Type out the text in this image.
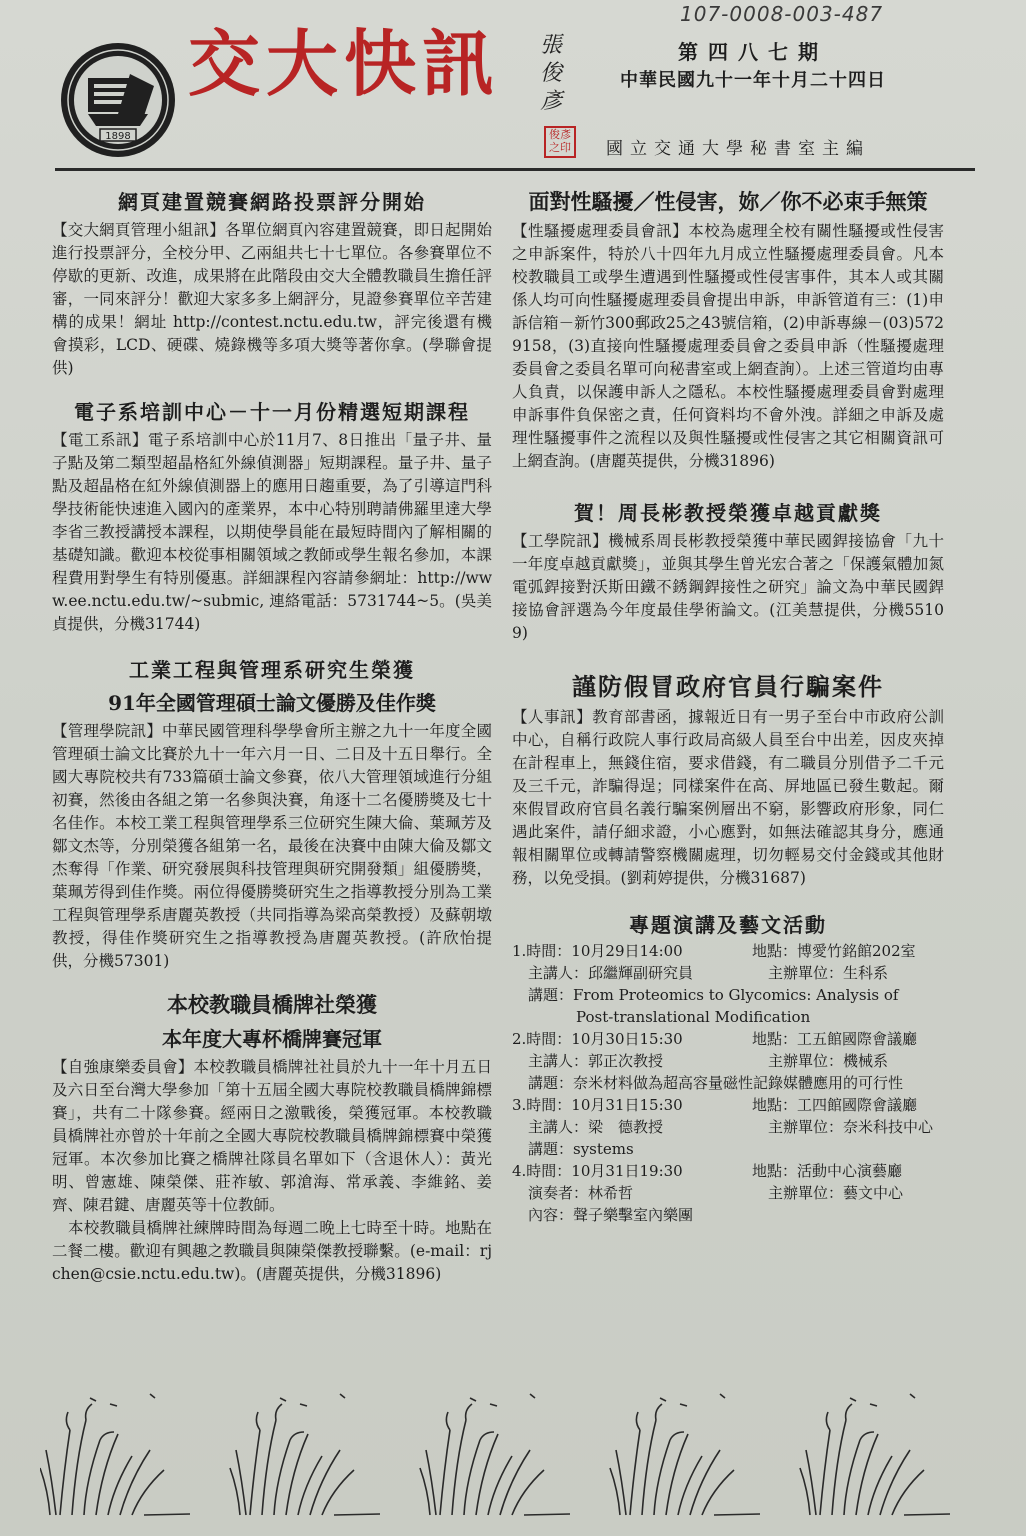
107-0008-003-487
1898
交大快訊 張俊彥
俊彥之印
第四八七期
中華民國九十一年十月二十四日
國立交通大學秘書室主編
網頁建置競賽網路投票評分開始
【交大網頁管理小組訊】各單位網頁內容建置競賽，即日起開始進行投票評分，全校分甲、乙兩組共七十七單位。各參賽單位不停歇的更新、改進，成果將在此階段由交大全體教職員生擔任評審，一同來評分！歡迎大家多多上網評分，見證參賽單位辛苦建構的成果！網址 http://contest.nctu.edu.tw，評完後還有機會摸彩，LCD、硬碟、燒錄機等多項大獎等著你拿。(學聯會提供)
電子系培訓中心－十一月份精選短期課程
【電工系訊】電子系培訓中心於11月7、8日推出「量子井、量子點及第二類型超晶格紅外線偵測器」短期課程。量子井、量子點及超晶格在紅外線偵測器上的應用日趨重要，為了引導這門科學技術能快速進入國內的產業界，本中心特別聘請佛羅里達大學李省三教授講授本課程，以期使學員能在最短時間內了解相關的基礎知識。歡迎本校從事相關領域之教師或學生報名參加，本課程費用對學生有特別優惠。詳細課程內容請參網址：http://www.ee.nctu.edu.tw/~submic, 連絡電話：5731744~5。(吳美貞提供，分機31744)
工業工程與管理系研究生榮獲
91年全國管理碩士論文優勝及佳作獎
【管理學院訊】中華民國管理科學學會所主辦之九十一年度全國管理碩士論文比賽於九十一年六月一日、二日及十五日舉行。全國大專院校共有733篇碩士論文參賽，依八大管理領域進行分組初賽，然後由各組之第一名參與決賽，角逐十二名優勝獎及七十名佳作。本校工業工程與管理學系三位研究生陳大倫、葉珮芳及鄒文杰等，分別榮獲各組第一名，最後在決賽中由陳大倫及鄒文杰奪得「作業、研究發展與科技管理與研究開發類」組優勝獎，葉珮芳得到佳作獎。兩位得優勝獎研究生之指導教授分別為工業工程與管理學系唐麗英教授（共同指導為梁高榮教授）及蘇朝墩教授，得佳作獎研究生之指導教授為唐麗英教授。(許欣怡提供，分機57301)
本校教職員橋牌社榮獲
本年度大專杯橋牌賽冠軍
【自強康樂委員會】本校教職員橋牌社社員於九十一年十月五日及六日至台灣大學參加「第十五屆全國大專院校教職員橋牌錦標賽」，共有二十隊參賽。經兩日之激戰後，榮獲冠軍。本校教職員橋牌社亦曾於十年前之全國大專院校教職員橋牌錦標賽中榮獲冠軍。本次參加比賽之橋牌社隊員名單如下（含退休人）：黃光明、曾憲雄、陳榮傑、莊祚敏、郭滄海、常承義、李維銘、姜齊、陳君鍵、唐麗英等十位教師。
本校教職員橋牌社練牌時間為每週二晚上七時至十時。地點在二餐二樓。歡迎有興趣之教職員與陳榮傑教授聯繫。(e-mail：rjchen@csie.nctu.edu.tw)。(唐麗英提供，分機31896)
面對性騷擾／性侵害，妳／你不必束手無策
【性騷擾處理委員會訊】本校為處理全校有關性騷擾或性侵害之申訴案件，特於八十四年九月成立性騷擾處理委員會。凡本校教職員工或學生遭遇到性騷擾或性侵害事件，其本人或其關係人均可向性騷擾處理委員會提出申訴，申訴管道有三：(1)申訴信箱－新竹300郵政25之43號信箱，(2)申訴專線－(03)5729158，(3)直接向性騷擾處理委員會之委員申訴（性騷擾處理委員會之委員名單可向秘書室或上網查詢）。上述三管道均由專人負責，以保護申訴人之隱私。本校性騷擾處理委員會對處理申訴事件負保密之責，任何資料均不會外洩。詳細之申訴及處理性騷擾事件之流程以及與性騷擾或性侵害之其它相關資訊可上網查詢。(唐麗英提供，分機31896)
賀！周長彬教授榮獲卓越貢獻獎
【工學院訊】機械系周長彬教授榮獲中華民國銲接協會「九十一年度卓越貢獻獎」，並與其學生曾光宏合著之「保護氣體加氮電弧銲接對沃斯田鐵不銹鋼銲接性之研究」論文為中華民國銲接協會評選為今年度最佳學術論文。(江美慧提供，分機55109)
謹防假冒政府官員行騙案件
【人事訊】教育部書函，據報近日有一男子至台中市政府公訓中心，自稱行政院人事行政局高級人員至台中出差，因皮夾掉在計程車上，無錢住宿，要求借錢，有二職員分別借予二千元及三千元，詐騙得逞；同樣案件在高、屏地區已發生數起。爾來假冒政府官員名義行騙案例層出不窮，影響政府形象，同仁遇此案件，請仔細求證，小心應對，如無法確認其身分，應通報相關單位或轉請警察機關處理，切勿輕易交付金錢或其他財務，以免受損。(劉莉婷提供，分機31687)
專題演講及藝文活動
1.時間：10月29日14:00	地點：博愛竹銘館202室
主講人：邱繼輝副研究員	主辦單位：生科系
講題：From Proteomics to Glycomics: Analysis of
Post-translational Modification
2.時間：10月30日15:30	地點：工五館國際會議廳
主講人：郭正次教授	主辦單位：機械系
講題：奈米材料做為超高容量磁性記錄媒體應用的可行性
3.時間：10月31日15:30	地點：工四館國際會議廳
主講人：梁　德教授	主辦單位：奈米科技中心
講題：systems
4.時間：10月31日19:30	地點：活動中心演藝廳
演奏者：林希哲	主辦單位：藝文中心
內容：聲子樂擊室內樂團
